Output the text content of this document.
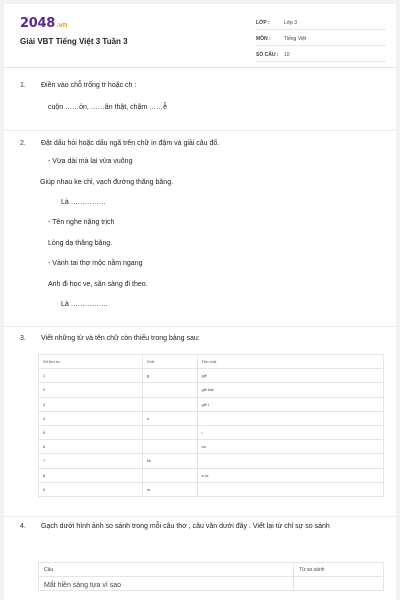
2048.vn
Giải VBT Tiếng Việt 3 Tuần 3
LỚP :	Lớp 3
MÔN :	Tiếng Việt
SỐ CÂU :	10
1.	Điền vào chỗ trống tr hoặc ch :
cuộn ……ỏn, ……ân thật, chậm ……ễ
2.	Đặt dấu hỏi hoặc dấu ngã trên chữ in đậm và giải câu đố.
- Vừa dài mà lại vừa vuông
Giúp nhau ke chỉ, vạch đường thăng băng.
Là ……………
- Tên nghe nặng trịch
Lòng dạ thăng băng.
- Vành tai thợ mộc nằm ngang
Anh đi học ve, săn sàng đi theo.
Là …………….
3.	Viết những từ và tên chữ còn thiếu trong bảng sau:
Số thứ tự	Chữ	Tên chữ
1	g	giê
2		giê hát
3		giê i
4	h	
5		i
6		ca
7	kh	
8		e-lờ
9	m	
4.	Gạch dưới hình ảnh so sánh trong mỗi câu thơ , câu văn dưới đây . Viết lại từ chỉ sự so sánh
Câu	Từ so sánh
Mắt hiền sáng tựa vì sao	
